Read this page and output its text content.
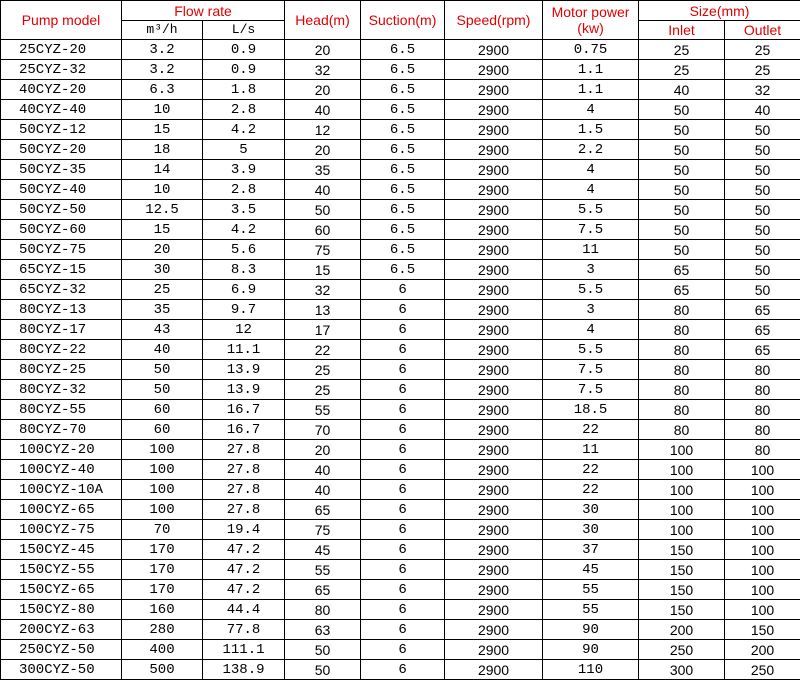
Pump model	Flow rate		Head(m)	Suction(m)	Speed(rpm)	Motor power (kw)	Size(mm)	
	m³/h	L/s					Inlet	Outlet
25CYZ-20	3.2	0.9	20	6.5	2900	0.75	25	25
25CYZ-32	3.2	0.9	32	6.5	2900	1.1	25	25
40CYZ-20	6.3	1.8	20	6.5	2900	1.1	40	32
40CYZ-40	10	2.8	40	6.5	2900	4	50	40
50CYZ-12	15	4.2	12	6.5	2900	1.5	50	50
50CYZ-20	18	5	20	6.5	2900	2.2	50	50
50CYZ-35	14	3.9	35	6.5	2900	4	50	50
50CYZ-40	10	2.8	40	6.5	2900	4	50	50
50CYZ-50	12.5	3.5	50	6.5	2900	5.5	50	50
50CYZ-60	15	4.2	60	6.5	2900	7.5	50	50
50CYZ-75	20	5.6	75	6.5	2900	11	50	50
65CYZ-15	30	8.3	15	6.5	2900	3	65	50
65CYZ-32	25	6.9	32	6	2900	5.5	65	50
80CYZ-13	35	9.7	13	6	2900	3	80	65
80CYZ-17	43	12	17	6	2900	4	80	65
80CYZ-22	40	11.1	22	6	2900	5.5	80	65
80CYZ-25	50	13.9	25	6	2900	7.5	80	80
80CYZ-32	50	13.9	25	6	2900	7.5	80	80
80CYZ-55	60	16.7	55	6	2900	18.5	80	80
80CYZ-70	60	16.7	70	6	2900	22	80	80
100CYZ-20	100	27.8	20	6	2900	11	100	80
100CYZ-40	100	27.8	40	6	2900	22	100	100
100CYZ-10A	100	27.8	40	6	2900	22	100	100
100CYZ-65	100	27.8	65	6	2900	30	100	100
100CYZ-75	70	19.4	75	6	2900	30	100	100
150CYZ-45	170	47.2	45	6	2900	37	150	100
150CYZ-55	170	47.2	55	6	2900	45	150	100
150CYZ-65	170	47.2	65	6	2900	55	150	100
150CYZ-80	160	44.4	80	6	2900	55	150	100
200CYZ-63	280	77.8	63	6	2900	90	200	150
250CYZ-50	400	111.1	50	6	2900	90	250	200
300CYZ-50	500	138.9	50	6	2900	110	300	250
